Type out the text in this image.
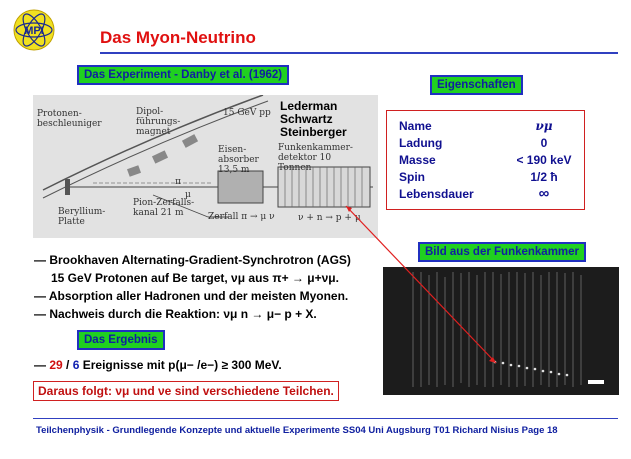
MPI	Das Myon-Neutrino
Das Experiment - Danby et al. (1962)
Protonen-beschleuniger
Dipol-führungs-magnet
15 GeV p
Eisen-absorber 13,5 m
Funkenkammer-detektor 10 Tonnen
Beryllium-Platte
Pion-Zerfalls-kanal 21 m	Zerfall π → μ ν	ν + n → p + μ
π
μ
p Lederman
Schwartz
Steinberger
Eigenschaften
Name	νμ
Ladung	0
Masse	< 190 keV
Spin	1/2 ħ
Lebensdauer	∞
Bild aus der Funkenkammer
— Brookhaven Alternating-Gradient-Synchrotron (AGS)
15 GeV Protonen auf Be target, νμ aus π+ → μ+νμ.
— Absorption aller Hadronen und der meisten Myonen.
— Nachweis durch die Reaktion: νμ n → μ− p + X.
Das Ergebnis
— 29 / 6 Ereignisse mit p(μ− /e−) ≥ 300 MeV.
Daraus folgt: νμ und νe sind verschiedene Teilchen.
Teilchenphysik - Grundlegende Konzepte und aktuelle Experimente SS04 Uni Augsburg T01 Richard Nisius Page 18
